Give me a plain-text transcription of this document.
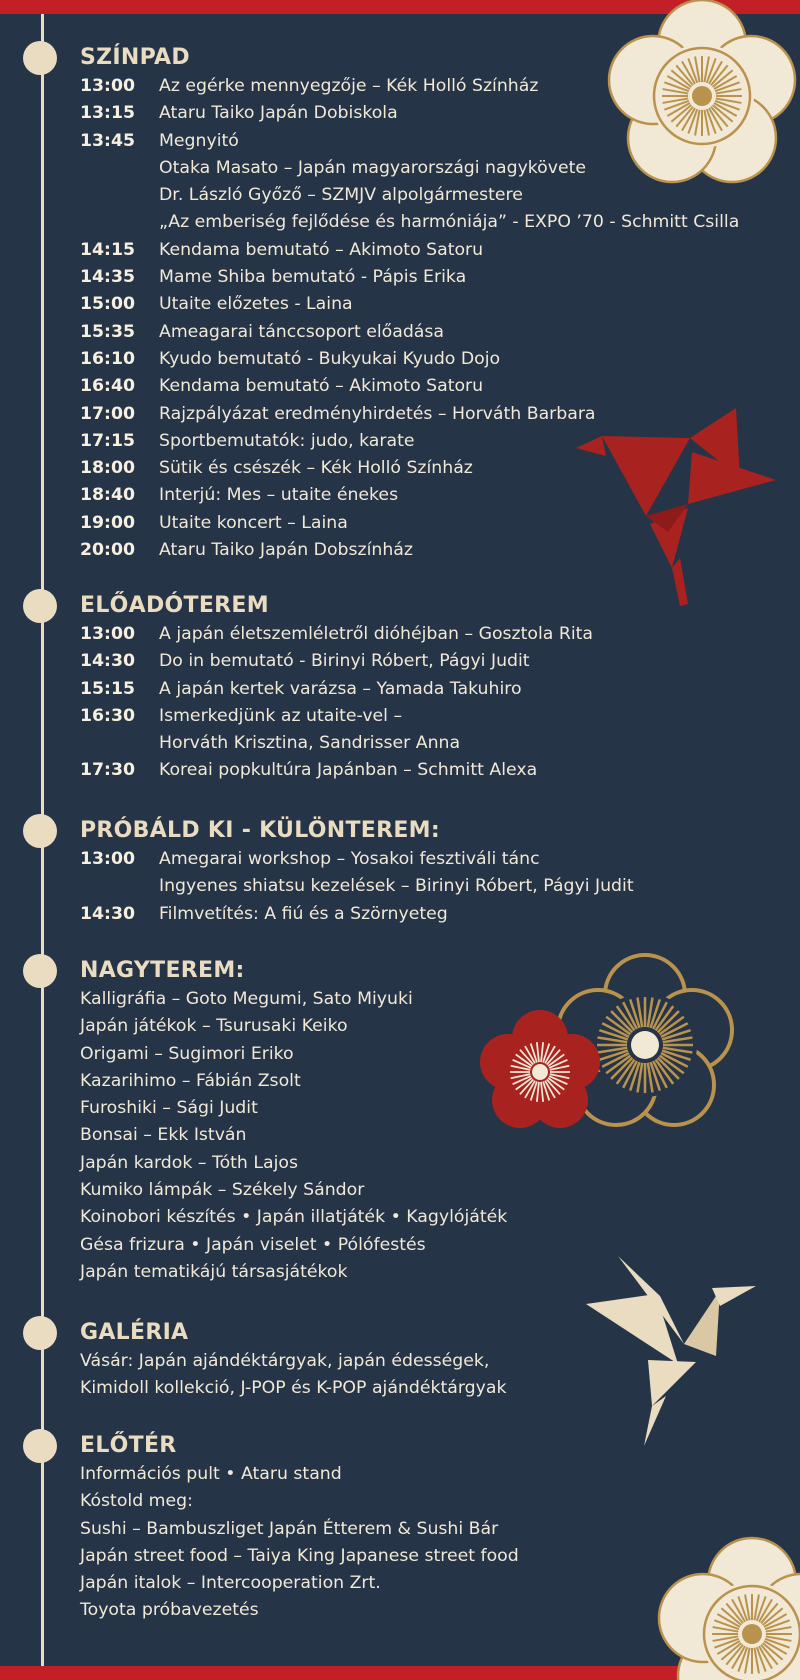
SZÍNPAD
13:00	Az egérke mennyegzője – Kék Holló Színház
13:15	Ataru Taiko Japán Dobiskola
13:45	Megnyitó
Otaka Masato – Japán magyarországi nagykövete
Dr. László Győző – SZMJV alpolgármestere
„Az emberiség fejlődése és harmóniája” - EXPO ’70 - Schmitt Csilla
14:15	Kendama bemutató – Akimoto Satoru
14:35	Mame Shiba bemutató - Pápis Erika
15:00	Utaite előzetes - Laina
15:35	Ameagarai tánccsoport előadása
16:10	Kyudo bemutató - Bukyukai Kyudo Dojo
16:40	Kendama bemutató – Akimoto Satoru
17:00	Rajzpályázat eredményhirdetés – Horváth Barbara
17:15	Sportbemutatók: judo, karate
18:00	Sütik és csészék – Kék Holló Színház
18:40	Interjú: Mes – utaite énekes
19:00	Utaite koncert – Laina
20:00	Ataru Taiko Japán Dobszínház
ELŐADÓTEREM
13:00	A japán életszemléletről dióhéjban – Gosztola Rita
14:30	Do in bemutató - Birinyi Róbert, Págyi Judit
15:15	A japán kertek varázsa – Yamada Takuhiro
16:30	Ismerkedjünk az utaite-vel –
Horváth Krisztina, Sandrisser Anna
17:30	Koreai popkultúra Japánban – Schmitt Alexa
PRÓBÁLD KI - KÜLÖNTEREM:
13:00	Amegarai workshop – Yosakoi fesztiváli tánc
Ingyenes shiatsu kezelések – Birinyi Róbert, Págyi Judit
14:30	Filmvetítés: A fiú és a Szörnyeteg
NAGYTEREM:
Kalligráfia – Goto Megumi, Sato Miyuki
Japán játékok – Tsurusaki Keiko
Origami – Sugimori Eriko
Kazarihimo – Fábián Zsolt
Furoshiki – Sági Judit
Bonsai – Ekk István
Japán kardok – Tóth Lajos
Kumiko lámpák – Székely Sándor
Koinobori készítés • Japán illatjáték • Kagylójáték
Gésa frizura • Japán viselet • Pólófestés
Japán tematikájú társasjátékok
GALÉRIA
Vásár: Japán ajándéktárgyak, japán édességek,
Kimidoll kollekció, J-POP és K-POP ajándéktárgyak
ELŐTÉR
Információs pult • Ataru stand
Kóstold meg:
Sushi – Bambuszliget Japán Étterem & Sushi Bár
Japán street food – Taiya King Japanese street food
Japán italok – Intercooperation Zrt.
Toyota próbavezetés
